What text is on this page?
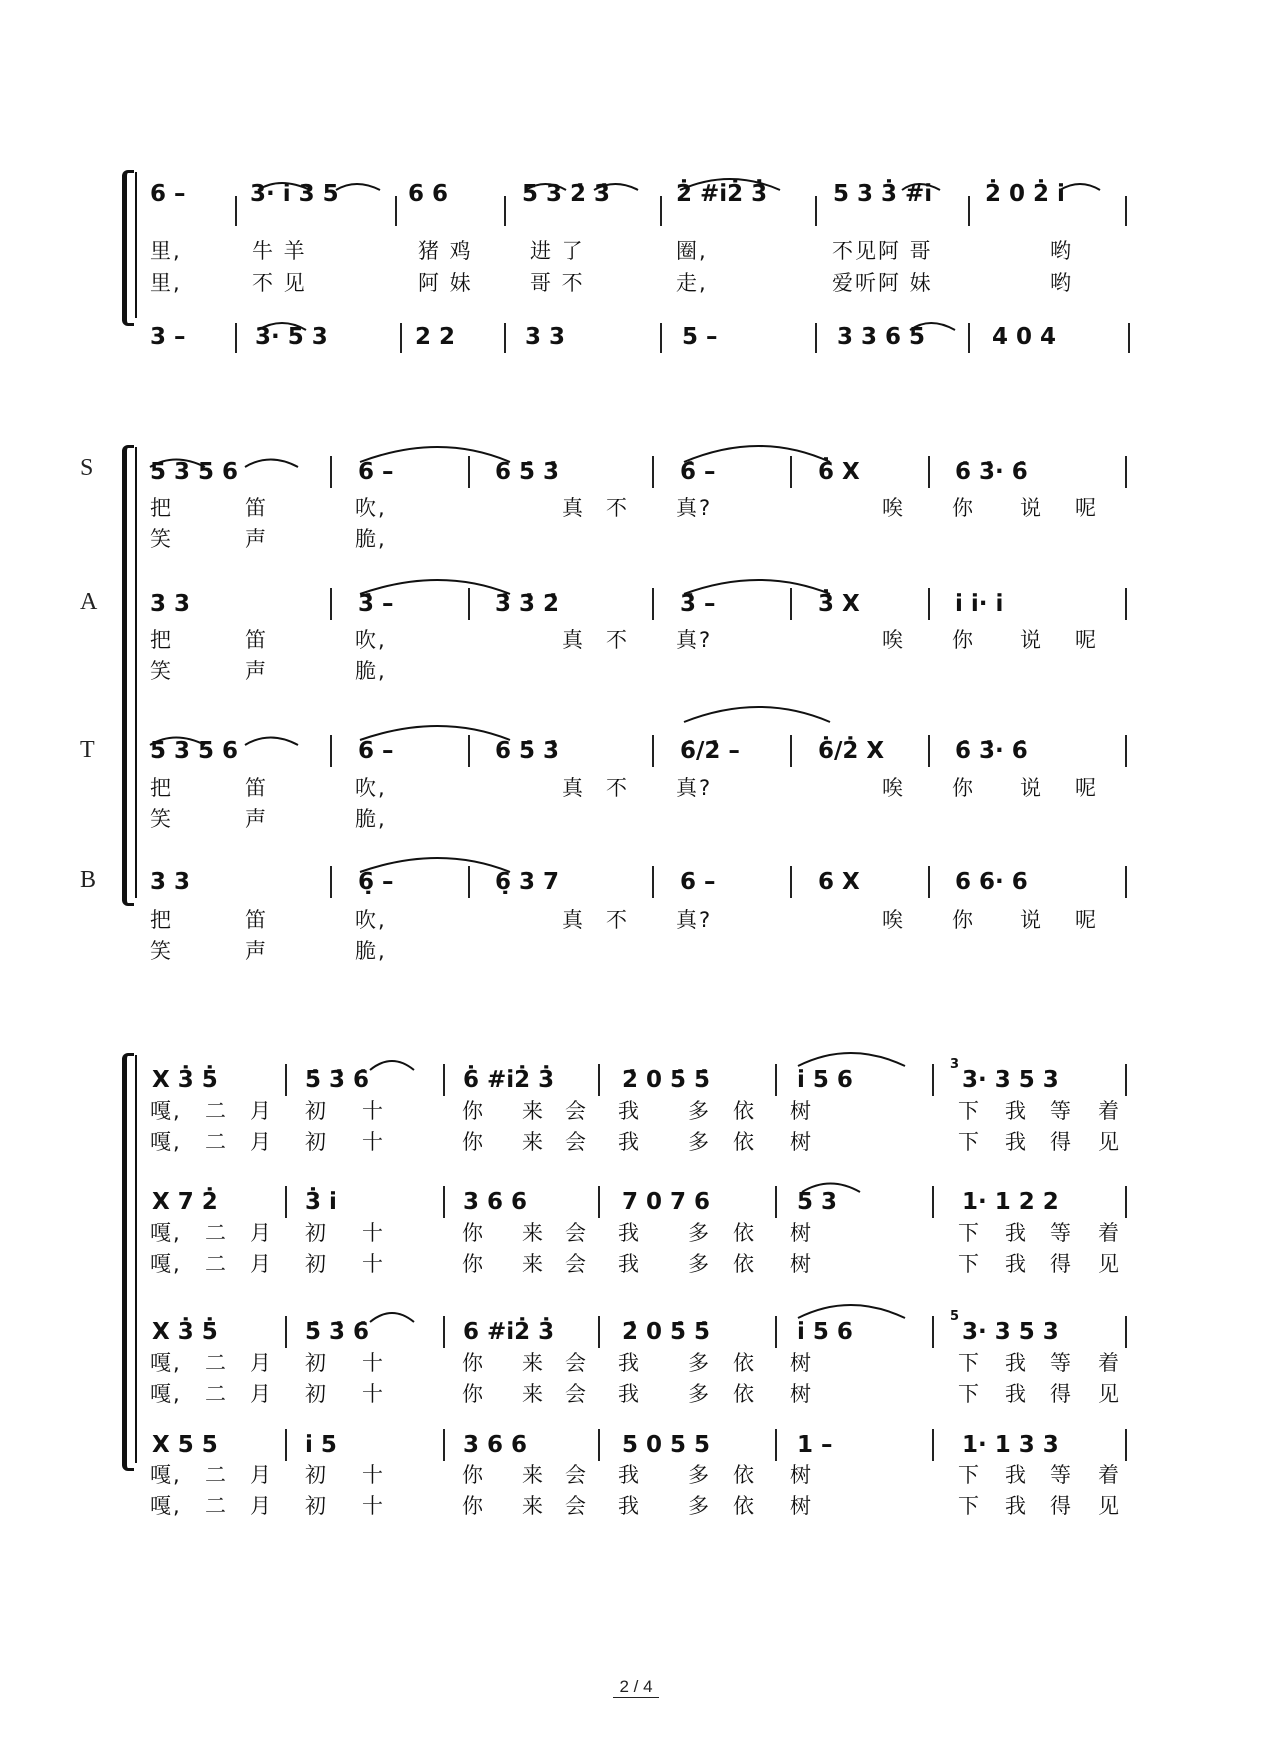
6 –	3· i̇ 3 5	6 6	5 3 2̇ 3̇	2̇ #i̇2̇ 3̇	5 3 3̇ #i̇ 2̇ 0 2̇ i̇
里,	牛 羊	猪 鸡	进 了	圈,	不见阿 哥	哟
里,	不 见	阿 妹	哥 不	走,	爱听阿 妹	哟
3 –	3· 5 3	2 2	3 3	5 –	3 3 6 5	4 0 4
S
A
T
B
5 3 5 6	6 –	6 5̇ 3̇	6̇ –	6̇ X	6̇ 3̇· 6̇
3 3	3̇ –	3̇ 3̇ 2̇	3̇ –	3̇ X	i̇ i̇· i̇
5 3 5 6	6 –	6 5̇ 3̇	6̇/2̇ –	6̇/2̇ X	6̇ 3̇· 6̇
3 3	6̣ –	6̣ 3 7	6 –	6 X	6 6· 6
把	笛	吹,	真 不 真?	唉 你 说 呢
笑	声	脆,
把	笛	吹,	真 不 真?	唉 你 说 呢
笑	声	脆,
把	笛	吹,	真 不 真?	唉 你 说 呢
笑	声	脆,
把	笛	吹,	真 不 真?	唉 你 说 呢
笑	声	脆,
X 3̇ 5̇	5̇ 3̇ 6̇	6̇ #i̇2̇ 3̇	2̇ 0 5̇ 5̇	i̇ 5 6	3· 3 5 3
X 7 2̇	3̇ i̇	3 6 6	7 0 7 6	5 3	1· 1 2 2
X 3̇ 5̇	5̇ 3̇ 6̇	6 #i̇2̇ 3̇	2̇ 0 5̇ 5̇	i̇ 5 6	3· 3 5 3
X 5 5	i̇ 5	3 6 6	5 0 5 5	1 –	1· 1 3 3
3
5
嘎, 二 月 初 十	你 来 会 我 多 依 树	下 我 等 着
嘎, 二 月 初 十	你 来 会 我 多 依 树	下 我 得 见
嘎, 二 月 初 十	你 来 会 我 多 依 树	下 我 等 着
嘎, 二 月 初 十	你 来 会 我 多 依 树	下 我 得 见
嘎, 二 月 初 十	你 来 会 我 多 依 树	下 我 等 着
嘎, 二 月 初 十	你 来 会 我 多 依 树	下 我 得 见
嘎, 二 月 初 十	你 来 会 我 多 依 树	下 我 等 着
嘎, 二 月 初 十	你 来 会 我 多 依 树	下 我 得 见
2 / 4
